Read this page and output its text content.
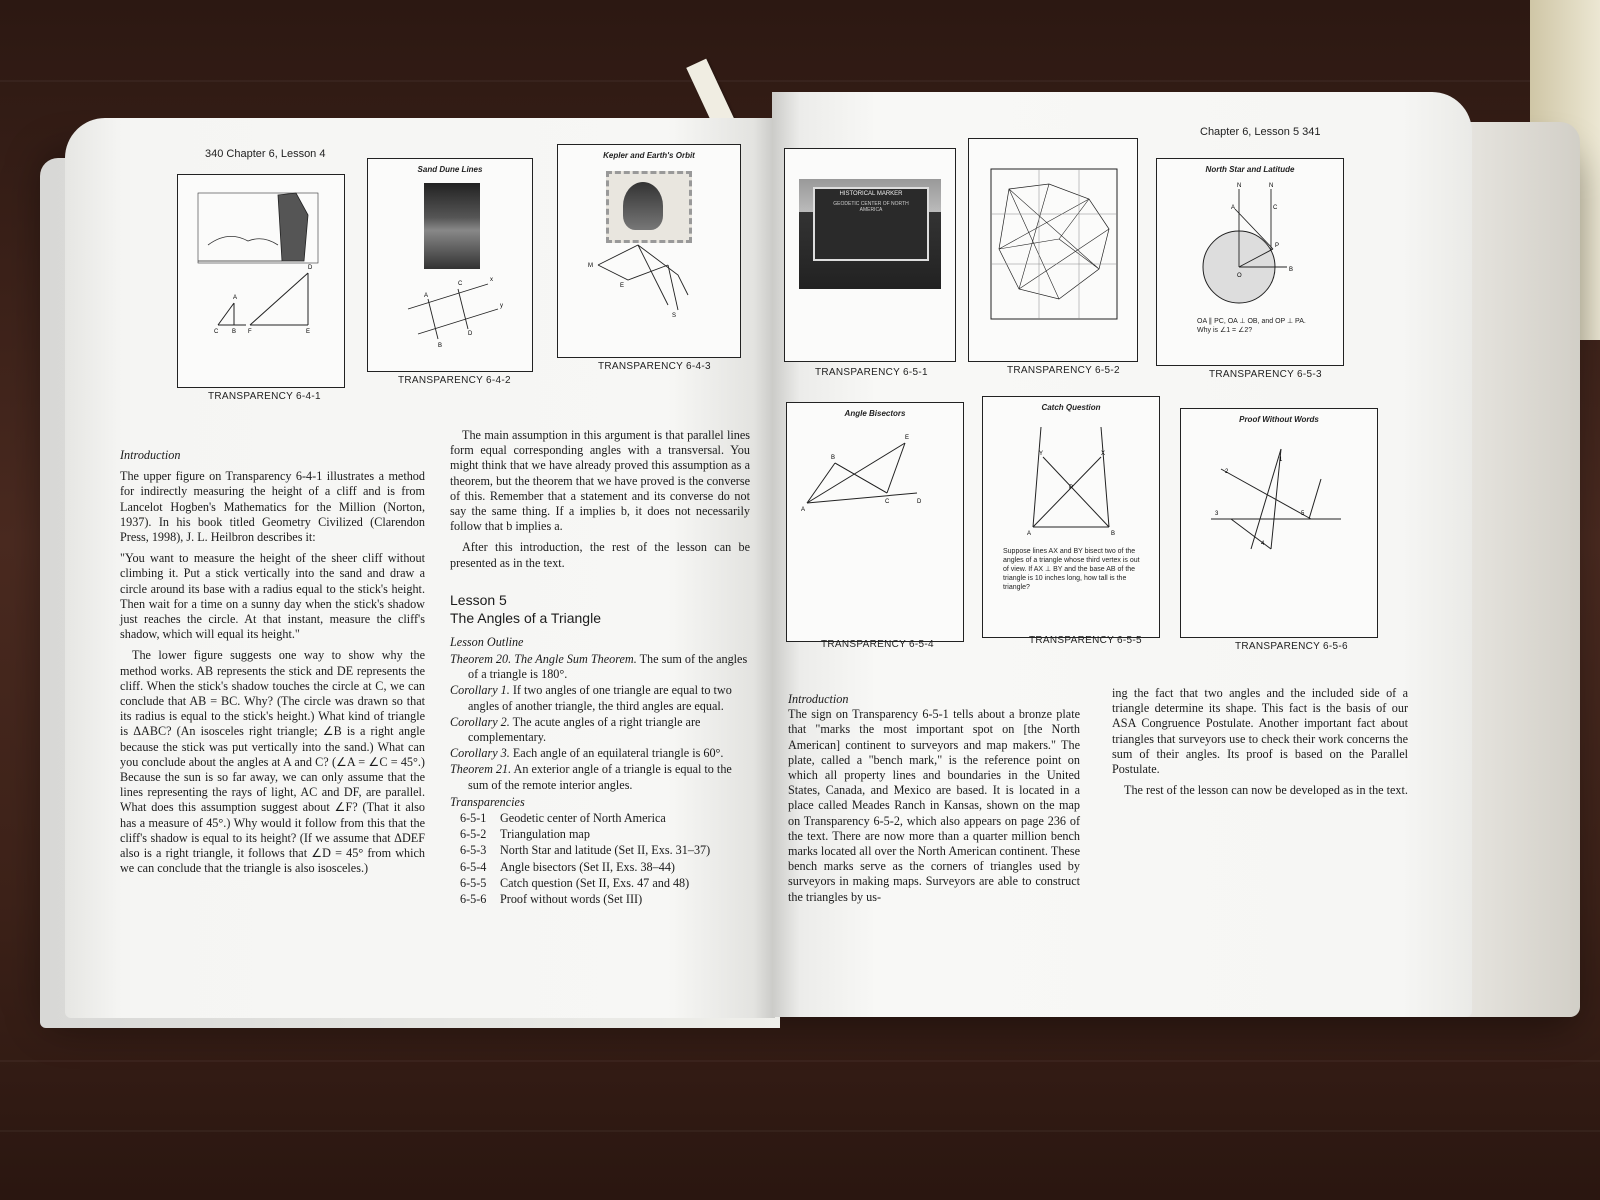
340 Chapter 6, Lesson 4
A
C B F
D
E
TRANSPARENCY 6-4-1
Sand Dune Lines
A
B
C
D
x
y
TRANSPARENCY 6-4-2
Kepler and Earth's Orbit
M
E
S
TRANSPARENCY 6-4-3

Introduction

The upper figure on Transparency 6-4-1 illustrates a method for indirectly measuring the height of a cliff and is from Lancelot Hogben's Mathematics for the Million (Norton, 1937). In his book titled Geometry Civilized (Clarendon Press, 1998), J. L. Heilbron describes it:

"You want to measure the height of the sheer cliff without climbing it. Put a stick vertically into the sand and draw a circle around its base with a radius equal to the stick's height. Then wait for a time on a sunny day when the stick's shadow just reaches the circle. At that instant, measure the cliff's shadow, which will equal its height."

The lower figure suggests one way to show why the method works. AB represents the stick and DE represents the cliff. When the stick's shadow touches the circle at C, we can conclude that AB = BC. Why? (The circle was drawn so that its radius is equal to the stick's height.) What kind of triangle is ΔABC? (An isosceles right triangle; ∠B is a right angle because the stick was put vertically into the sand.) What can you conclude about the angles at A and C? (∠A = ∠C = 45°.) Because the sun is so far away, we can only assume that the lines representing the rays of light, AC and DF, are parallel. What does this assumption suggest about ∠F? (That it also has a measure of 45°.) Why would it follow from this that the cliff's shadow is equal to its height? (If we assume that ΔDEF also is a right triangle, it follows that ∠D = 45° from which we can conclude that the triangle is also isosceles.)

The main assumption in this argument is that parallel lines form equal corresponding angles with a transversal. You might think that we have already proved this assumption as a theorem, but the theorem that we have proved is the converse of this. Remember that a statement and its converse do not say the same thing. If a implies b, it does not necessarily follow that b implies a.

After this introduction, the rest of the lesson can be presented as in the text.

Lesson 5
The Angles of a Triangle

Lesson Outline

Theorem 20. The Angle Sum Theorem. The sum of the angles of a triangle is 180°.
Corollary 1. If two angles of one triangle are equal to two angles of another triangle, the third angles are equal.
Corollary 2. The acute angles of a right triangle are complementary.
Corollary 3. Each angle of an equilateral triangle is 60°.
Theorem 21. An exterior angle of a triangle is equal to the sum of the remote interior angles.

Transparencies

6-5-1 Geodetic center of North America
6-5-2 Triangulation map
6-5-3 North Star and latitude (Set II, Exs. 31–37)
6-5-4 Angle bisectors (Set II, Exs. 38–44)
6-5-5 Catch question (Set II, Exs. 47 and 48)
6-5-6 Proof without words (Set III)
Chapter 6, Lesson 5 341
HISTORICAL MARKER
GEODETIC CENTER OF NORTH AMERICA
TRANSPARENCY 6-5-1	TRANSPARENCY 6-5-2
North Star and Latitude
N	N
O
P
B
A	C
OA ∥ PC, OA ⊥ OB, and OP ⊥ PA. Why is ∠1 = ∠2?
TRANSPARENCY 6-5-3
Angle Bisectors
A
B
C	D
E
TRANSPARENCY 6-5-4
Catch Question
A	B
Y	X
P
Suppose lines AX and BY bisect two of the angles of a triangle whose third vertex is out of view. If AX ⊥ BY and the base AB of the triangle is 10 inches long, how tall is the triangle?
TRANSPARENCY 6-5-5
Proof Without Words
1
2
3
4
5
TRANSPARENCY 6-5-6

Introduction

The sign on Transparency 6-5-1 tells about a bronze plate that "marks the most important spot on [the North American] continent to surveyors and map makers." The plate, called a "bench mark," is the reference point on which all property lines and boundaries in the United States, Canada, and Mexico are based. It is located in a place called Meades Ranch in Kansas, shown on the map on Transparency 6-5-2, which also appears on page 236 of the text. There are now more than a quarter million bench marks located all over the North American continent. These bench marks serve as the corners of triangles used by surveyors in making maps. Surveyors are able to construct the triangles by us-

ing the fact that two angles and the included side of a triangle determine its shape. This fact is the basis of our ASA Congruence Postulate. Another important fact about triangles that surveyors use to check their work concerns the sum of their angles. Its proof is based on the Parallel Postulate.

The rest of the lesson can now be developed as in the text.
